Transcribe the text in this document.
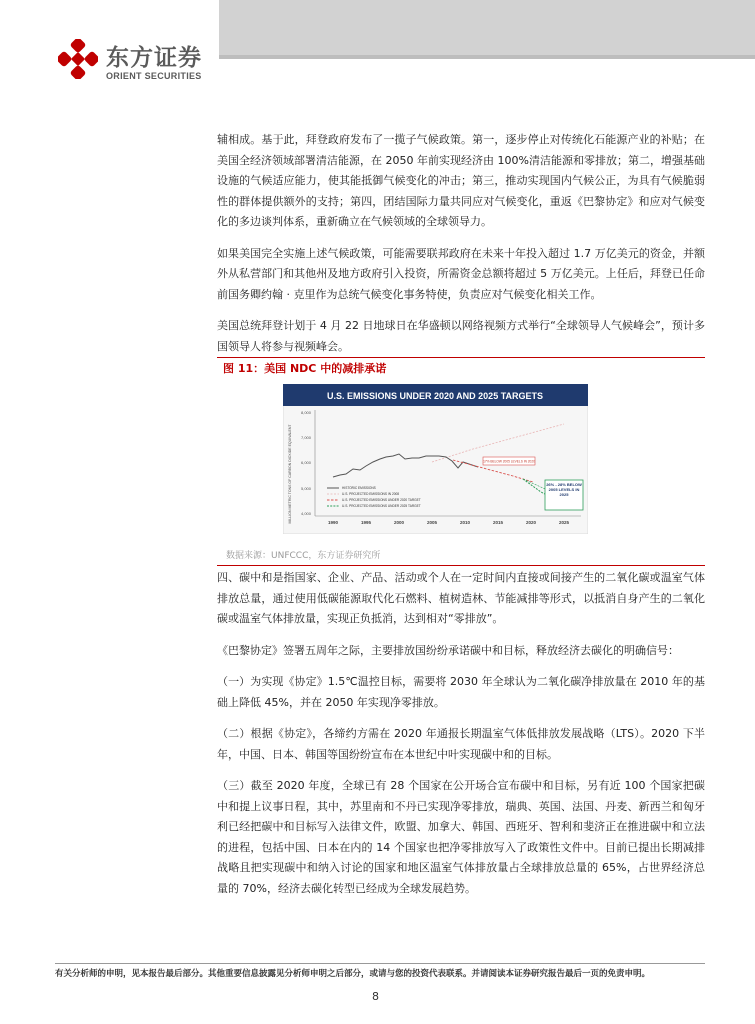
东方证券
ORIENT SECURITIES

辅相成。基于此，拜登政府发布了一揽子气候政策。第一，逐步停止对传统化石能源产业的补贴；在美国全经济领域部署清洁能源，在 2050 年前实现经济由 100%清洁能源和零排放；第二，增强基础设施的气候适应能力，使其能抵御气候变化的冲击；第三，推动实现国内气候公正，为具有气候脆弱性的群体提供额外的支持；第四，团结国际力量共同应对气候变化，重返《巴黎协定》和应对气候变化的多边谈判体系，重新确立在气候领域的全球领导力。

如果美国完全实施上述气候政策，可能需要联邦政府在未来十年投入超过 1.7 万亿美元的资金，并额外从私营部门和其他州及地方政府引入投资，所需资金总额将超过 5 万亿美元。上任后，拜登已任命前国务卿约翰 · 克里作为总统气候变化事务特使，负责应对气候变化相关工作。

美国总统拜登计划于 4 月 22 日地球日在华盛顿以网络视频方式举行“全球领导人气候峰会”，预计多国领导人将参与视频峰会。

图 11：美国 NDC 中的减排承诺
U.S. EMISSIONS UNDER 2020 AND 2025 TARGETS
MILLION METRIC TONS OF CARBON DIOXIDE EQUIVALENT
8,000
7,000
6,000
5,000
4,000
1990	1995	2000	2005	2010	2015	2020	2025
17% BELOW 2005 LEVELS IN 2020
26% - 28% BELOW 2005 LEVELS IN 2025
HISTORIC EMISSIONS
U.S. PROJECTED EMISSIONS IN 2008
U.S. PROJECTED EMISSIONS UNDER 2020 TARGET
U.S. PROJECTED EMISSIONS UNDER 2025 TARGET
数据来源：UNFCCC，东方证券研究所

四、碳中和是指国家、企业、产品、活动或个人在一定时间内直接或间接产生的二氧化碳或温室气体排放总量，通过使用低碳能源取代化石燃料、植树造林、节能减排等形式，以抵消自身产生的二氧化碳或温室气体排放量，实现正负抵消，达到相对“零排放”。

《巴黎协定》签署五周年之际，主要排放国纷纷承诺碳中和目标，释放经济去碳化的明确信号：

（一）为实现《协定》1.5℃温控目标，需要将 2030 年全球认为二氧化碳净排放量在 2010 年的基础上降低 45%，并在 2050 年实现净零排放。

（二）根据《协定》，各缔约方需在 2020 年通报长期温室气体低排放发展战略（LTS）。2020 下半年，中国、日本、韩国等国纷纷宣布在本世纪中叶实现碳中和的目标。

（三）截至 2020 年度，全球已有 28 个国家在公开场合宣布碳中和目标，另有近 100 个国家把碳中和提上议事日程，其中，苏里南和不丹已实现净零排放，瑞典、英国、法国、丹麦、新西兰和匈牙利已经把碳中和目标写入法律文件，欧盟、加拿大、韩国、西班牙、智利和斐济正在推进碳中和立法的进程，包括中国、日本在内的 14 个国家也把净零排放写入了政策性文件中。目前已提出长期减排战略且把实现碳中和纳入讨论的国家和地区温室气体排放量占全球排放总量的 65%，占世界经济总量的 70%，经济去碳化转型已经成为全球发展趋势。

有关分析师的申明，见本报告最后部分。其他重要信息披露见分析师申明之后部分，或请与您的投资代表联系。并请阅读本证券研究报告最后一页的免责申明。
8
